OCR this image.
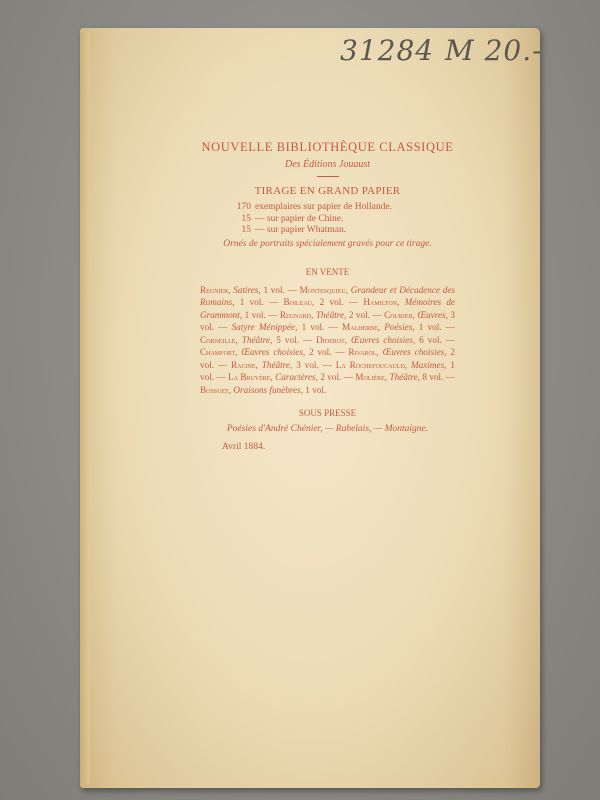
31284 M 20.-
NOUVELLE BIBLIOTHÈQUE CLASSIQUE
Des Éditions Jouaust
TIRAGE EN GRAND PAPIER
170 exemplaires sur papier de Hollande.
15 — sur papier de Chine.
15 — sur papier Whatman.
Ornés de portraits spécialement gravés pour ce tirage.
EN VENTE
Regnier, Satires, 1 vol. — Montesquieu, Grandeur et Décadence des Romains, 1 vol. — Boileau, 2 vol. — Hamilton, Mémoires de Grammont, 1 vol. — Regnard, Théâtre, 2 vol. — Courier, Œuvres, 3 vol. — Satyre Ménippée, 1 vol. — Malherbe, Poésies, 1 vol. — Corneille, Théâtre, 5 vol. — Diderot, Œuvres choisies, 6 vol. — Chamfort, Œuvres choisies, 2 vol. — Rivarol, Œuvres choisies, 2 vol. — Racine, Théâtre, 3 vol. — La Rochefoucauld, Maximes, 1 vol. — La Bruyère, Caractères, 2 vol. — Molière, Théâtre, 8 vol. — Bossuet, Oraisons funèbres, 1 vol.
SOUS PRESSE
Poésies d'André Chénier, — Rabelais, — Montaigne.
Avril 1884.
